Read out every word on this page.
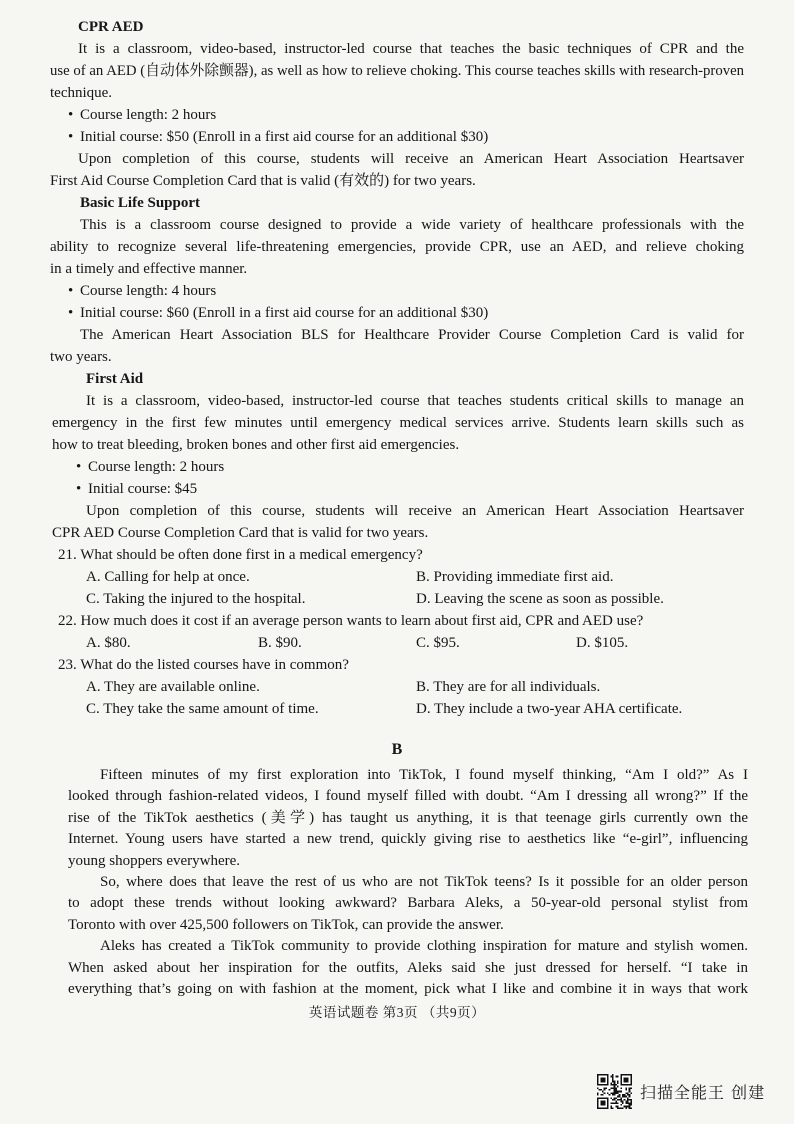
CPR AED
It is a classroom, video-based, instructor-led course that teaches the basic techniques of CPR and the
use of an AED (自动体外除颤器), as well as how to relieve choking. This course teaches skills with research-proven
technique.
• Course length: 2 hours
• Initial course: $50 (Enroll in a first aid course for an additional $30)
Upon completion of this course, students will receive an American Heart Association Heartsaver
First Aid Course Completion Card that is valid (有效的) for two years.
Basic Life Support
This is a classroom course designed to provide a wide variety of healthcare professionals with the
ability to recognize several life-threatening emergencies, provide CPR, use an AED, and relieve choking
in a timely and effective manner.
• Course length: 4 hours
• Initial course: $60 (Enroll in a first aid course for an additional $30)
The American Heart Association BLS for Healthcare Provider Course Completion Card is valid for
two years.
First Aid
It is a classroom, video-based, instructor-led course that teaches students critical skills to manage an
emergency in the first few minutes until emergency medical services arrive. Students learn skills such as
how to treat bleeding, broken bones and other first aid emergencies.
• Course length: 2 hours
• Initial course: $45
Upon completion of this course, students will receive an American Heart Association Heartsaver
CPR AED Course Completion Card that is valid for two years.
21. What should be often done first in a medical emergency?
A. Calling for help at once.	B. Providing immediate first aid.
C. Taking the injured to the hospital.	D. Leaving the scene as soon as possible.
22. How much does it cost if an average person wants to learn about first aid, CPR and AED use?
A. $80.	B. $90.	C. $95.	D. $105.
23. What do the listed courses have in common?
A. They are available online.	B. They are for all individuals.
C. They take the same amount of time.	D. They include a two-year AHA certificate.
B
Fifteen minutes of my first exploration into TikTok, I found myself thinking, “Am I old?” As I
looked through fashion-related videos, I found myself filled with doubt. “Am I dressing all wrong?” If the
rise of the TikTok aesthetics (美学) has taught us anything, it is that teenage girls currently own the
Internet. Young users have started a new trend, quickly giving rise to aesthetics like “e-girl”, influencing
young shoppers everywhere.
So, where does that leave the rest of us who are not TikTok teens? Is it possible for an older person
to adopt these trends without looking awkward? Barbara Aleks, a 50-year-old personal stylist from
Toronto with over 425,500 followers on TikTok, can provide the answer.
Aleks has created a TikTok community to provide clothing inspiration for mature and stylish women.
When asked about her inspiration for the outfits, Aleks said she just dressed for herself. “I take in
everything that’s going on with fashion at the moment, pick what I like and combine it in ways that work
英语试题卷 第3页 （共9页）
扫描全能王 创建
